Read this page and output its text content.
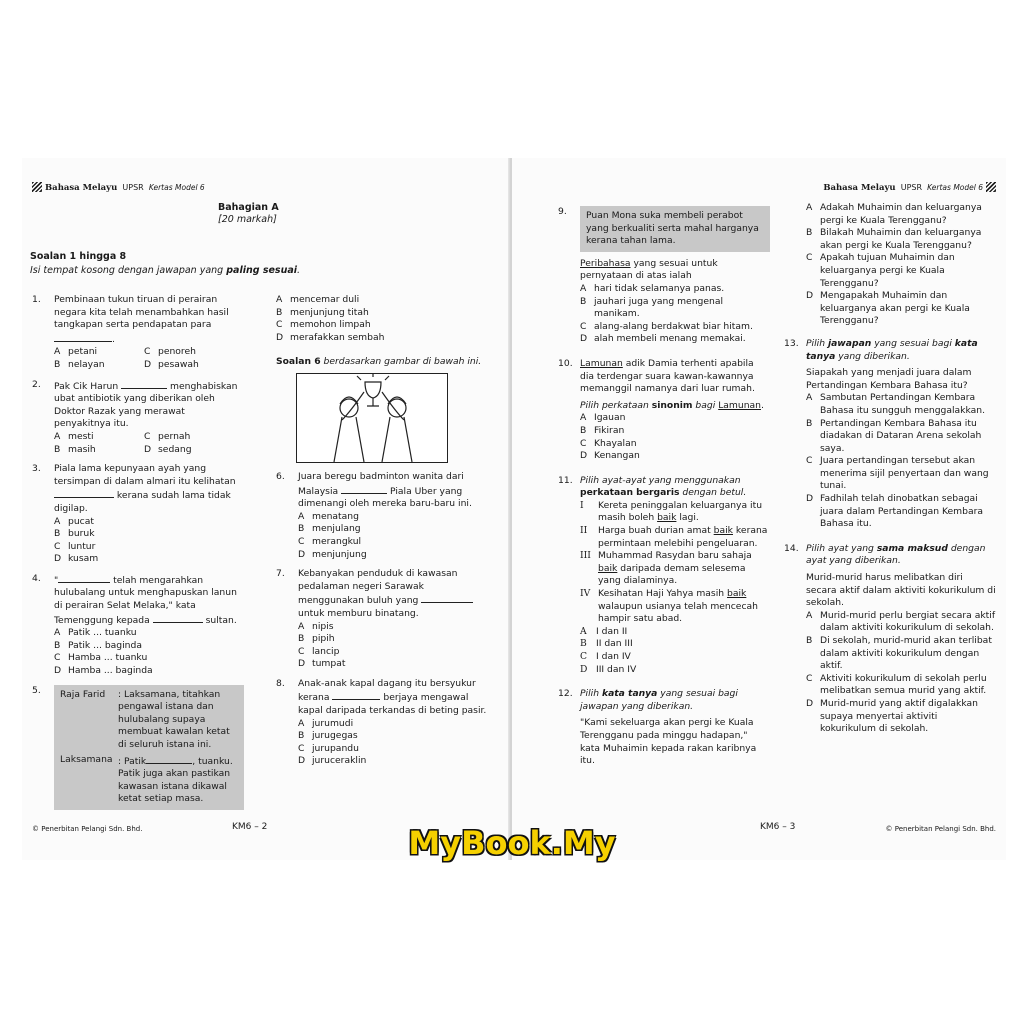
Bahasa Melayu UPSR Kertas Model 6
Bahagian A
[20 markah]
Soalan 1 hingga 8
Isi tempat kosong dengan jawapan yang paling sesuai.
1. Pembinaan tukun tiruan di perairan negara kita telah menambahkan hasil tangkapan serta pendapatan para .
A petani	C penoreh
B nelayan	D pesawah
2. Pak Cik Harun	menghabiskan ubat antibiotik yang diberikan oleh Doktor Razak yang merawat penyakitnya itu.
A mesti	C pernah
B masih	D sedang
3. Piala lama kepunyaan ayah yang tersimpan di dalam almari itu kelihatan  kerana sudah lama tidak digilap.
A pucat
B buruk
C luntur
D kusam
4. "	telah mengarahkan hulubalang untuk menghapuskan lanun di perairan Selat Melaka," kata Temenggung kepada	sultan.
A Patik ... tuanku
B Patik ... baginda
C Hamba ... tuanku
D Hamba ... baginda
5. Raja Farid	: Laksamana, titahkan pengawal istana dan hulubalang supaya membuat kawalan ketat di seluruh istana ini.
Laksamana : Patik	, tuanku. Patik juga akan pastikan kawasan istana dikawal ketat setiap masa.
A mencemar duli
B menjunjung titah
C memohon limpah
D merafakkan sembah
Soalan 6 berdasarkan gambar di bawah ini.
6. Juara beregu badminton wanita dari Malaysia	Piala Uber yang dimenangi oleh mereka baru-baru ini.
A menatang
B menjulang
C merangkul
D menjunjung
7. Kebanyakan penduduk di kawasan pedalaman negeri Sarawak menggunakan buluh yang  untuk memburu binatang.
A nipis
B pipih
C lancip
D tumpat
8. Anak-anak kapal dagang itu bersyukur kerana	berjaya mengawal kapal daripada terkandas di beting pasir.
A jurumudi
B jurugegas
C jurupandu
D juruceraklin
© Penerbitan Pelangi Sdn. Bhd.	KM6 – 2
Bahasa Melayu UPSR Kertas Model 6
9.	Puan Mona suka membeli perabot yang berkualiti serta mahal harganya kerana tahan lama.
Peribahasa yang sesuai untuk pernyataan di atas ialah
A hari tidak selamanya panas.
B jauhari juga yang mengenal manikam.
C alang-alang berdakwat biar hitam.
D alah membeli menang memakai.
10. Lamunan adik Damia terhenti apabila dia terdengar suara kawan-kawannya memanggil namanya dari luar rumah.
Pilih perkataan sinonim bagi Lamunan.
A Igauan
B Fikiran
C Khayalan
D Kenangan
11. Pilih ayat-ayat yang menggunakan perkataan bergaris dengan betul.
I	Kereta peninggalan keluarganya itu masih boleh baik lagi.
II	Harga buah durian amat baik kerana permintaan melebihi pengeluaran.
III Muhammad Rasydan baru sahaja baik daripada demam selesema yang dialaminya.
IV Kesihatan Haji Yahya masih baik walaupun usianya telah mencecah hampir satu abad.
A	I dan II
B	II dan III
C I dan IV
D III dan IV
12. Pilih kata tanya yang sesuai bagi jawapan yang diberikan.
"Kami sekeluarga akan pergi ke Kuala Terengganu pada minggu hadapan," kata Muhaimin kepada rakan karibnya itu.
A Adakah Muhaimin dan keluarganya pergi ke Kuala Terengganu?
B Bilakah Muhaimin dan keluarganya akan pergi ke Kuala Terengganu?
C Apakah tujuan Muhaimin dan keluarganya pergi ke Kuala Terengganu?
D Mengapakah Muhaimin dan keluarganya akan pergi ke Kuala Terengganu?
13. Pilih jawapan yang sesuai bagi kata tanya yang diberikan.
Siapakah yang menjadi juara dalam Pertandingan Kembara Bahasa itu?
A Sambutan Pertandingan Kembara Bahasa itu sungguh menggalakkan.
B Pertandingan Kembara Bahasa itu diadakan di Dataran Arena sekolah saya.
C Juara pertandingan tersebut akan menerima sijil penyertaan dan wang tunai.
D Fadhilah telah dinobatkan sebagai juara dalam Pertandingan Kembara Bahasa itu.
14. Pilih ayat yang sama maksud dengan ayat yang diberikan.
Murid-murid harus melibatkan diri secara aktif dalam aktiviti kokurikulum di sekolah.
A Murid-murid perlu bergiat secara aktif dalam aktiviti kokurikulum di sekolah.
B Di sekolah, murid-murid akan terlibat dalam aktiviti kokurikulum dengan aktif.
C Aktiviti kokurikulum di sekolah perlu melibatkan semua murid yang aktif.
D Murid-murid yang aktif digalakkan supaya menyertai aktiviti kokurikulum di sekolah.
KM6 – 3	© Penerbitan Pelangi Sdn. Bhd.
MyBook.My
